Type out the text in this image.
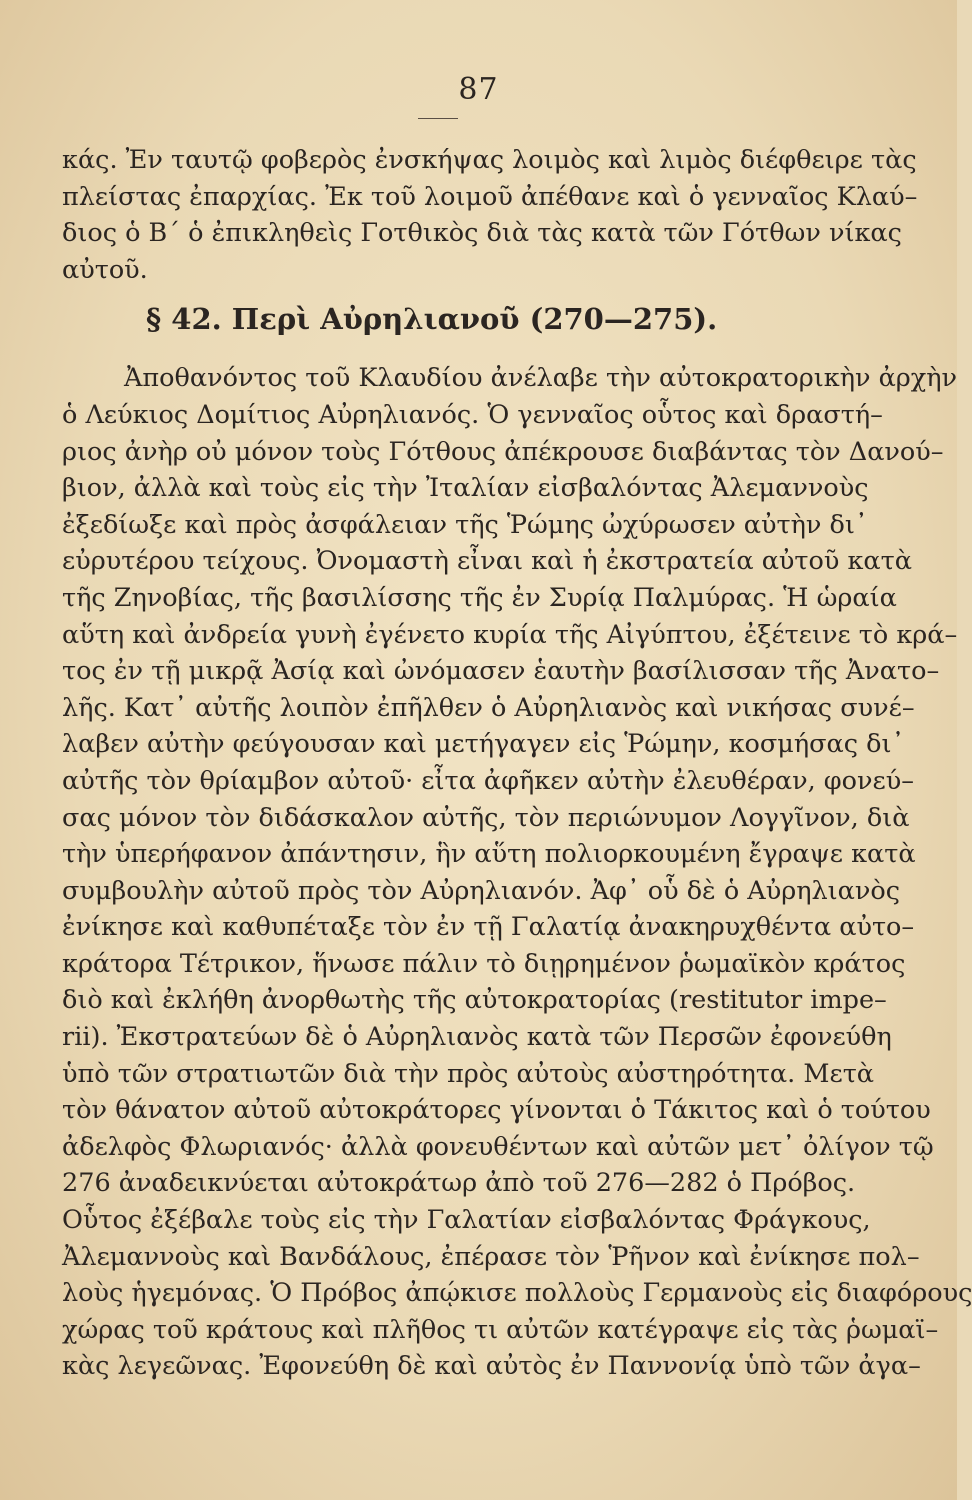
87
κάς. Ἐν ταυτῷ φοβερὸς ἐνσκήψας λοιμὸς καὶ λιμὸς διέφθειρε τὰς
πλείστας ἐπαρχίας. Ἐκ τοῦ λοιμοῦ ἀπέθανε καὶ ὁ γενναῖος Κλαύ–
διος ὁ Β΄ ὁ ἐπικληθεὶς Γοτθικὸς διὰ τὰς κατὰ τῶν Γότθων νίκας
αὐτοῦ.
§ 42. Περὶ Αὐρηλιανοῦ (270—275).
Ἀποθανόντος τοῦ Κλαυδίου ἀνέλαβε τὴν αὐτοκρατορικὴν ἀρχὴν
ὁ Λεύκιος Δομίτιος Αὐρηλιανός. Ὁ γενναῖος οὗτος καὶ δραστή–
ριος ἀνὴρ οὐ μόνον τοὺς Γότθους ἀπέκρουσε διαβάντας τὸν Δανού–
βιον, ἀλλὰ καὶ τοὺς εἰς τὴν Ἰταλίαν εἰσβαλόντας Ἀλεμαννοὺς
ἐξεδίωξε καὶ πρὸς ἀσφάλειαν τῆς Ῥώμης ὠχύρωσεν αὐτὴν δι᾽
εὐρυτέρου τείχους. Ὀνομαστὴ εἶναι καὶ ἡ ἐκστρατεία αὐτοῦ κατὰ
τῆς Ζηνοβίας, τῆς βασιλίσσης τῆς ἐν Συρίᾳ Παλμύρας. Ἡ ὡραία
αὕτη καὶ ἀνδρεία γυνὴ ἐγένετο κυρία τῆς Αἰγύπτου, ἐξέτεινε τὸ κρά–
τος ἐν τῇ μικρᾷ Ἀσίᾳ καὶ ὠνόμασεν ἑαυτὴν βασίλισσαν τῆς Ἀνατο–
λῆς. Κατ᾽ αὐτῆς λοιπὸν ἐπῆλθεν ὁ Αὐρηλιανὸς καὶ νικήσας συνέ–
λαβεν αὐτὴν φεύγουσαν καὶ μετήγαγεν εἰς Ῥώμην, κοσμήσας δι᾽
αὐτῆς τὸν θρίαμβον αὐτοῦ· εἶτα ἀφῆκεν αὐτὴν ἐλευθέραν, φονεύ–
σας μόνον τὸν διδάσκαλον αὐτῆς, τὸν περιώνυμον Λογγῖνον, διὰ
τὴν ὑπερήφανον ἀπάντησιν, ἣν αὕτη πολιορκουμένη ἔγραψε κατὰ
συμβουλὴν αὐτοῦ πρὸς τὸν Αὐρηλιανόν. Ἀφ᾽ οὗ δὲ ὁ Αὐρηλιανὸς
ἐνίκησε καὶ καθυπέταξε τὸν ἐν τῇ Γαλατίᾳ ἀνακηρυχθέντα αὐτο–
κράτορα Τέτρικον, ἥνωσε πάλιν τὸ διῃρημένον ῥωμαϊκὸν κράτος
διὸ καὶ ἐκλήθη ἀνορθωτὴς τῆς αὐτοκρατορίας (restitutor impe–
rii). Ἐκστρατεύων δὲ ὁ Αὐρηλιανὸς κατὰ τῶν Περσῶν ἐφονεύθη
ὑπὸ τῶν στρατιωτῶν διὰ τὴν πρὸς αὐτοὺς αὐστηρότητα. Μετὰ
τὸν θάνατον αὐτοῦ αὐτοκράτορες γίνονται ὁ Τάκιτος καὶ ὁ τούτου
ἀδελφὸς Φλωριανός· ἀλλὰ φονευθέντων καὶ αὐτῶν μετ᾽ ὀλίγον τῷ
276 ἀναδεικνύεται αὐτοκράτωρ ἀπὸ τοῦ 276—282 ὁ Πρόβος.
Οὗτος ἐξέβαλε τοὺς εἰς τὴν Γαλατίαν εἰσβαλόντας Φράγκους,
Ἀλεμαννοὺς καὶ Βανδάλους, ἐπέρασε τὸν Ῥῆνον καὶ ἐνίκησε πολ–
λοὺς ἡγεμόνας. Ὁ Πρόβος ἀπῴκισε πολλοὺς Γερμανοὺς εἰς διαφόρους
χώρας τοῦ κράτους καὶ πλῆθος τι αὐτῶν κατέγραψε εἰς τὰς ῥωμαϊ–
κὰς λεγεῶνας. Ἐφονεύθη δὲ καὶ αὐτὸς ἐν Παννονίᾳ ὑπὸ τῶν ἀγα–
